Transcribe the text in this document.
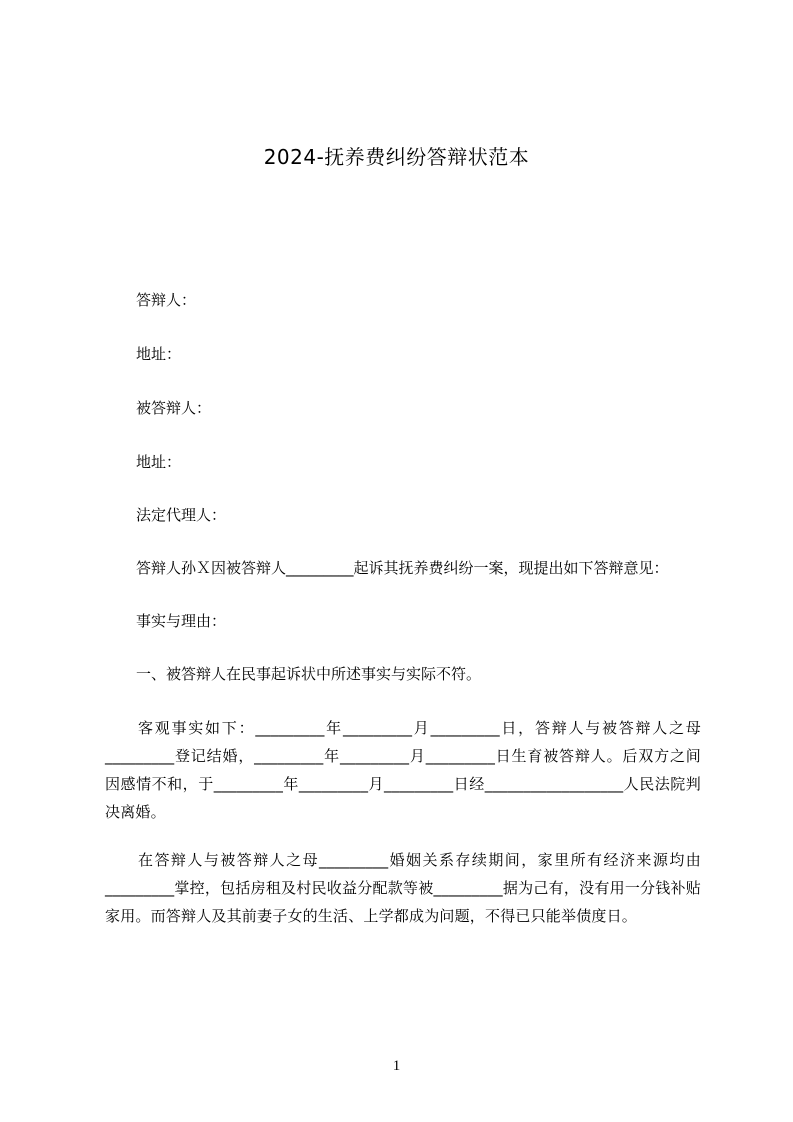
2024-抚养费纠纷答辩状范本
答辩人：
地址：
被答辩人：
地址：
法定代理人：
答辩人孙Ｘ因被答辩人_________起诉其抚养费纠纷一案，现提出如下答辩意见：
事实与理由：
一、被答辩人在民事起诉状中所述事实与实际不符。
客观事实如下：_________年_________月_________日，答辩人与被答辩人之母_________登记结婚，_________年_________月_________日生育被答辩人。后双方之间因感情不和，于_________年_________月_________日经__________________人民法院判决离婚。
在答辩人与被答辩人之母_________婚姻关系存续期间，家里所有经济来源均由_________掌控，包括房租及村民收益分配款等被_________据为己有，没有用一分钱补贴家用。而答辩人及其前妻子女的生活、上学都成为问题，不得已只能举债度日。
1
